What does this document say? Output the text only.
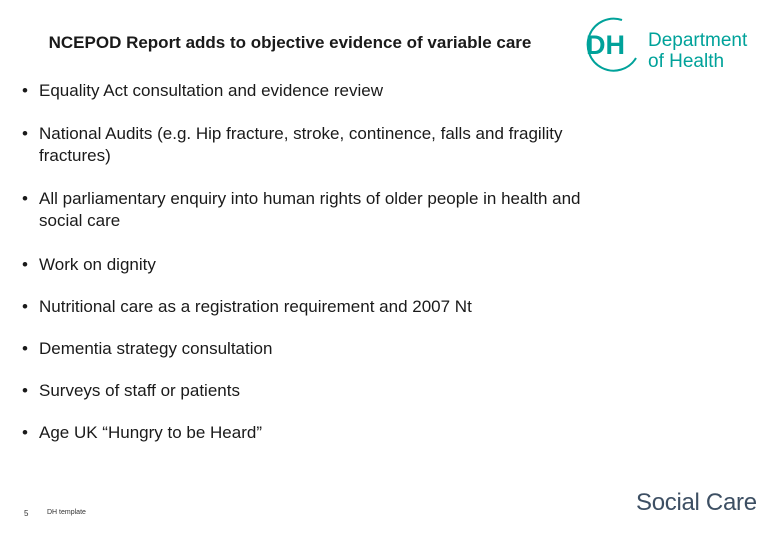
NCEPOD Report adds to objective evidence of variable care
• Equality Act consultation and evidence review
• National Audits (e.g. Hip fracture, stroke, continence, falls and fragility fractures)
• All parliamentary enquiry into human rights of older people in health and social care
• Work on dignity
• Nutritional care as a registration requirement and 2007 Nt
• Dementia strategy consultation
• Surveys of staff or patients
• Age UK “Hungry to be Heard”
DH Department
of Health
5	DH template	Social Care
